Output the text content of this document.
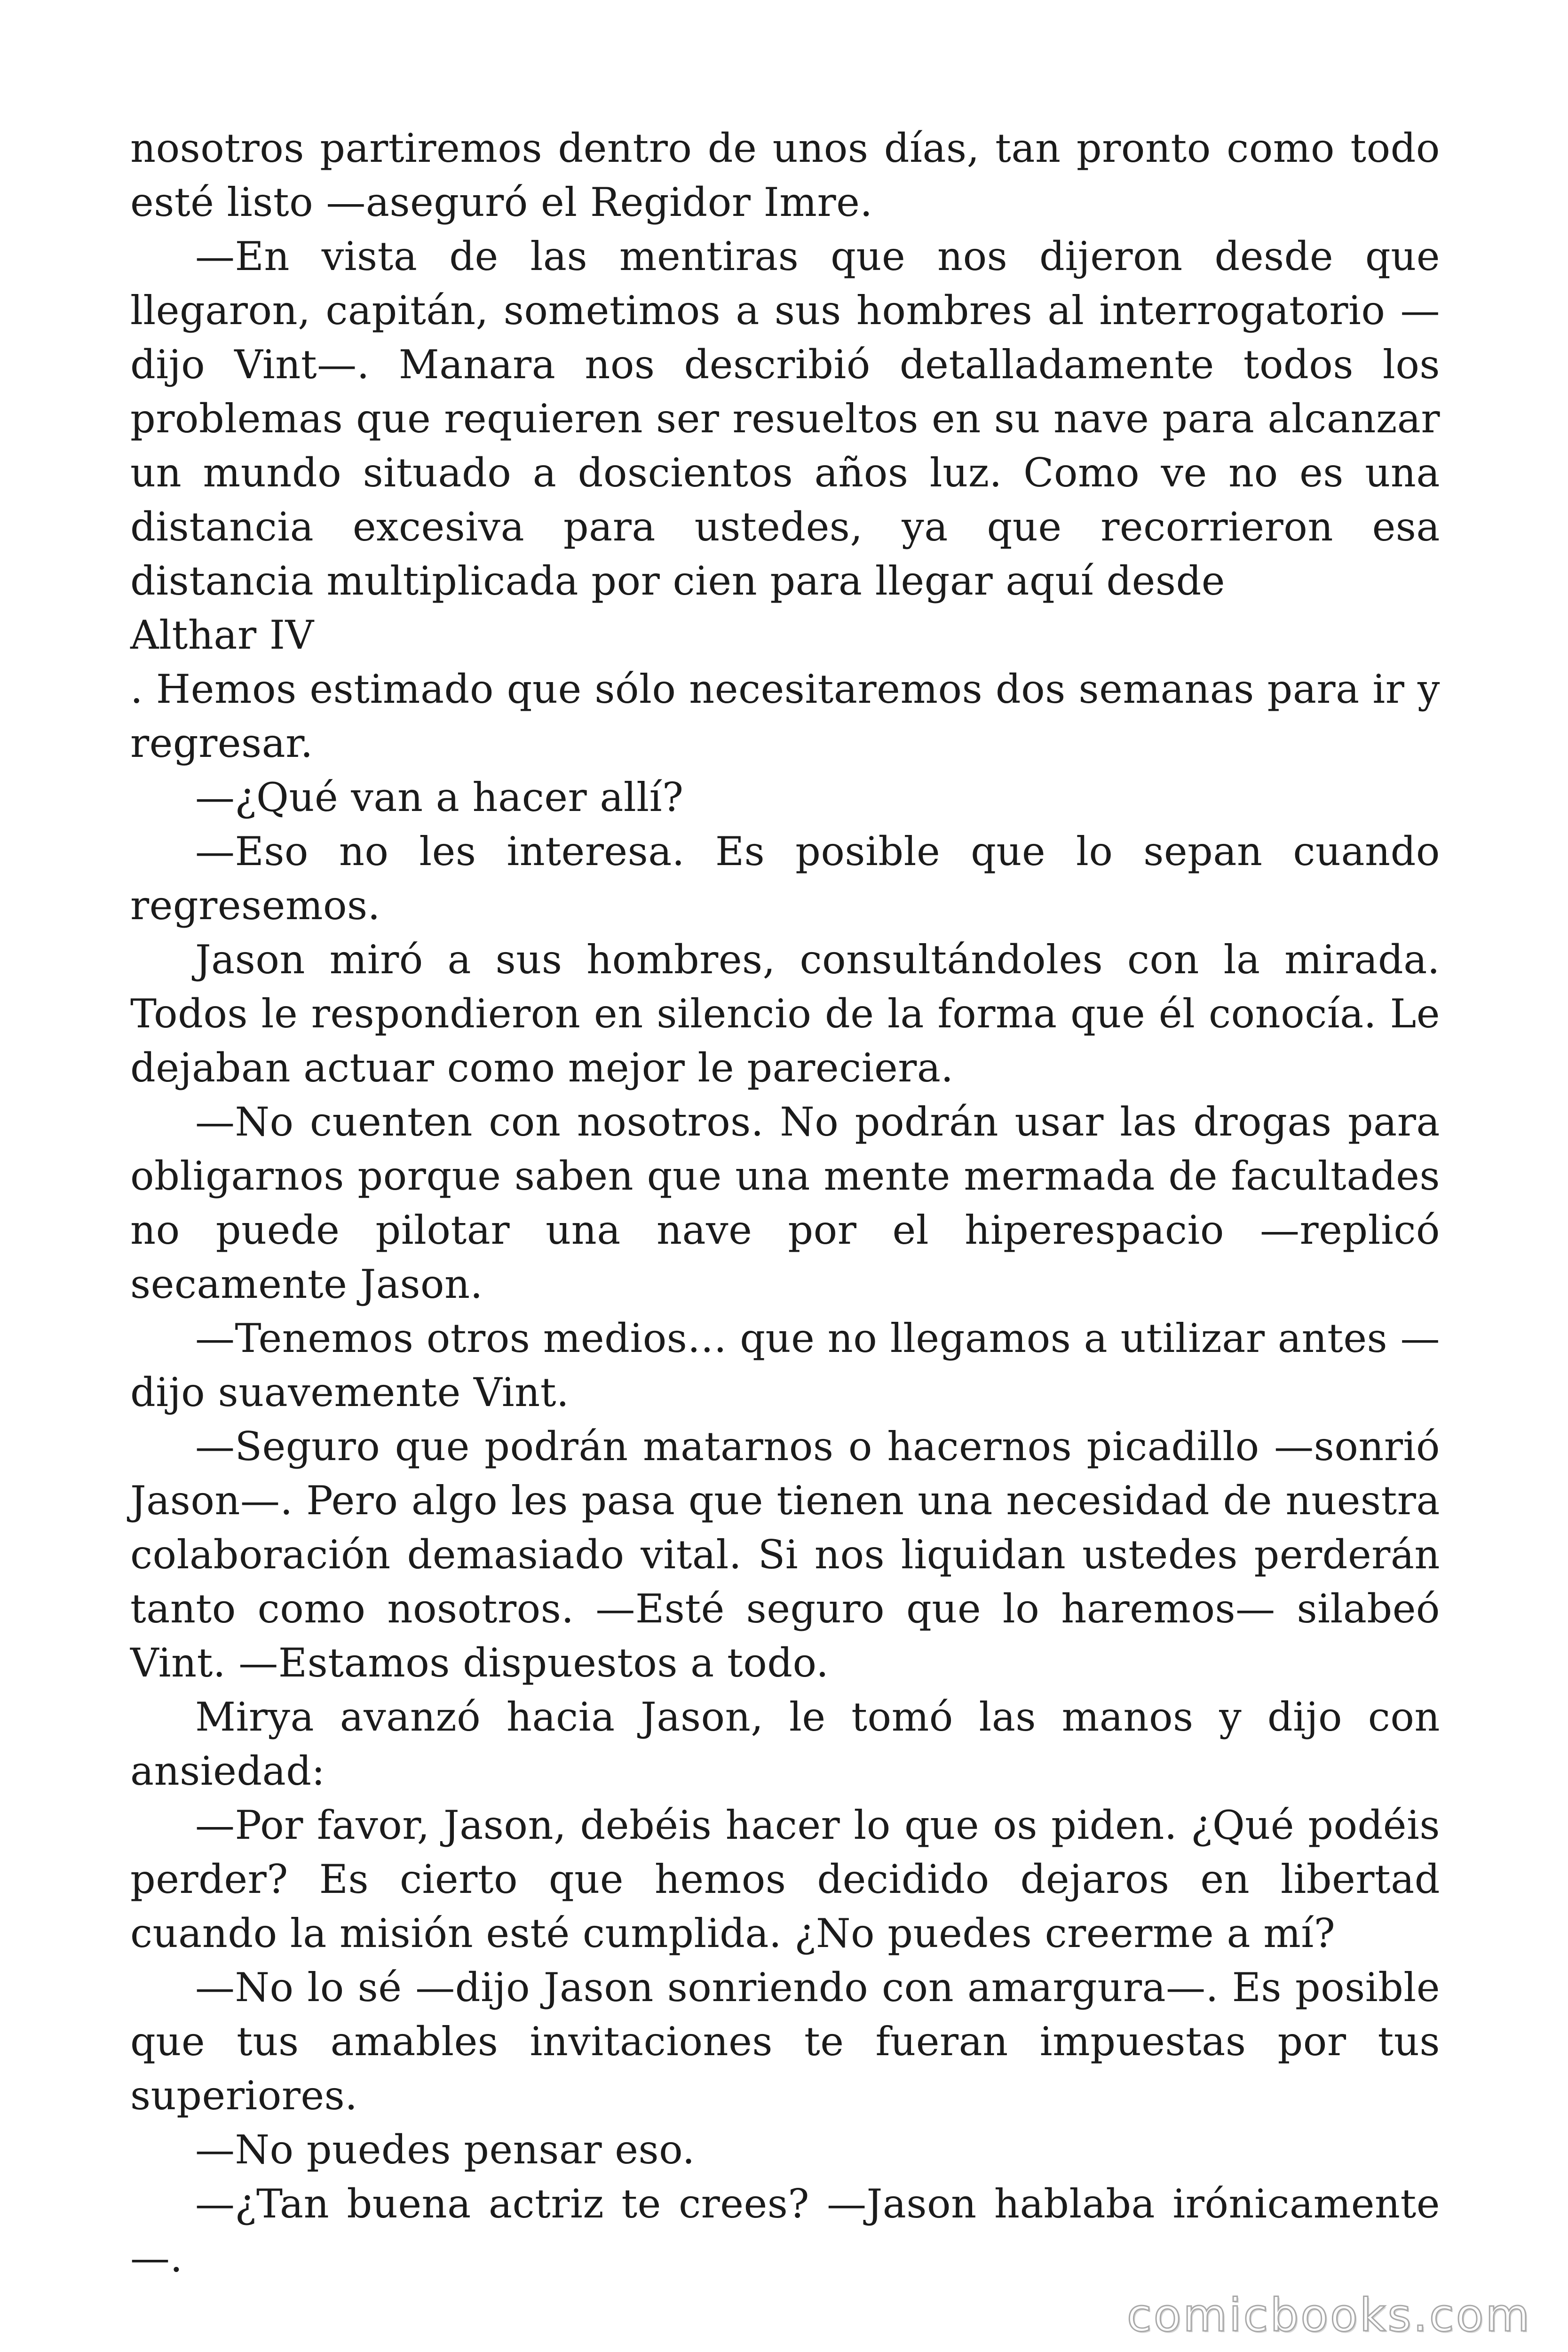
nosotros partiremos dentro de unos días, tan pronto como todo esté listo —aseguró el Regidor Imre.

—En vista de las mentiras que nos dijeron desde que llegaron, capitán, sometimos a sus hombres al interrogatorio —dijo Vint—. Manara nos describió detalladamente todos los problemas que requieren ser resueltos en su nave para alcanzar un mundo situado a doscientos años luz. Como ve no es una distancia excesiva para ustedes, ya que recorrieron esa distancia multiplicada por cien para llegar aquí desde

Althar IV

. Hemos estimado que sólo necesitaremos dos semanas para ir y regresar.

—¿Qué van a hacer allí?

—Eso no les interesa. Es posible que lo sepan cuando regresemos.

Jason miró a sus hombres, consultándoles con la mirada. Todos le respondieron en silencio de la forma que él conocía. Le dejaban actuar como mejor le pareciera.

—No cuenten con nosotros. No podrán usar las drogas para obligarnos porque saben que una mente mermada de facultades no puede pilotar una nave por el hiperespacio —replicó secamente Jason.

—Tenemos otros medios… que no llegamos a utilizar antes —dijo suavemente Vint.

—Seguro que podrán matarnos o hacernos picadillo —sonrió Jason—. Pero algo les pasa que tienen una necesidad de nuestra colaboración demasiado vital. Si nos liquidan ustedes perderán tanto como nosotros. —Esté seguro que lo haremos— silabeó Vint. —Estamos dispuestos a todo.

Mirya avanzó hacia Jason, le tomó las manos y dijo con ansiedad:

—Por favor, Jason, debéis hacer lo que os piden. ¿Qué podéis perder? Es cierto que hemos decidido dejaros en libertad cuando la misión esté cumplida. ¿No puedes creerme a mí?

—No lo sé —dijo Jason sonriendo con amargura—. Es posible que tus amables invitaciones te fueran impuestas por tus superiores.

—No puedes pensar eso.

—¿Tan buena actriz te crees? —Jason hablaba irónicamente—.

comicbooks.com
